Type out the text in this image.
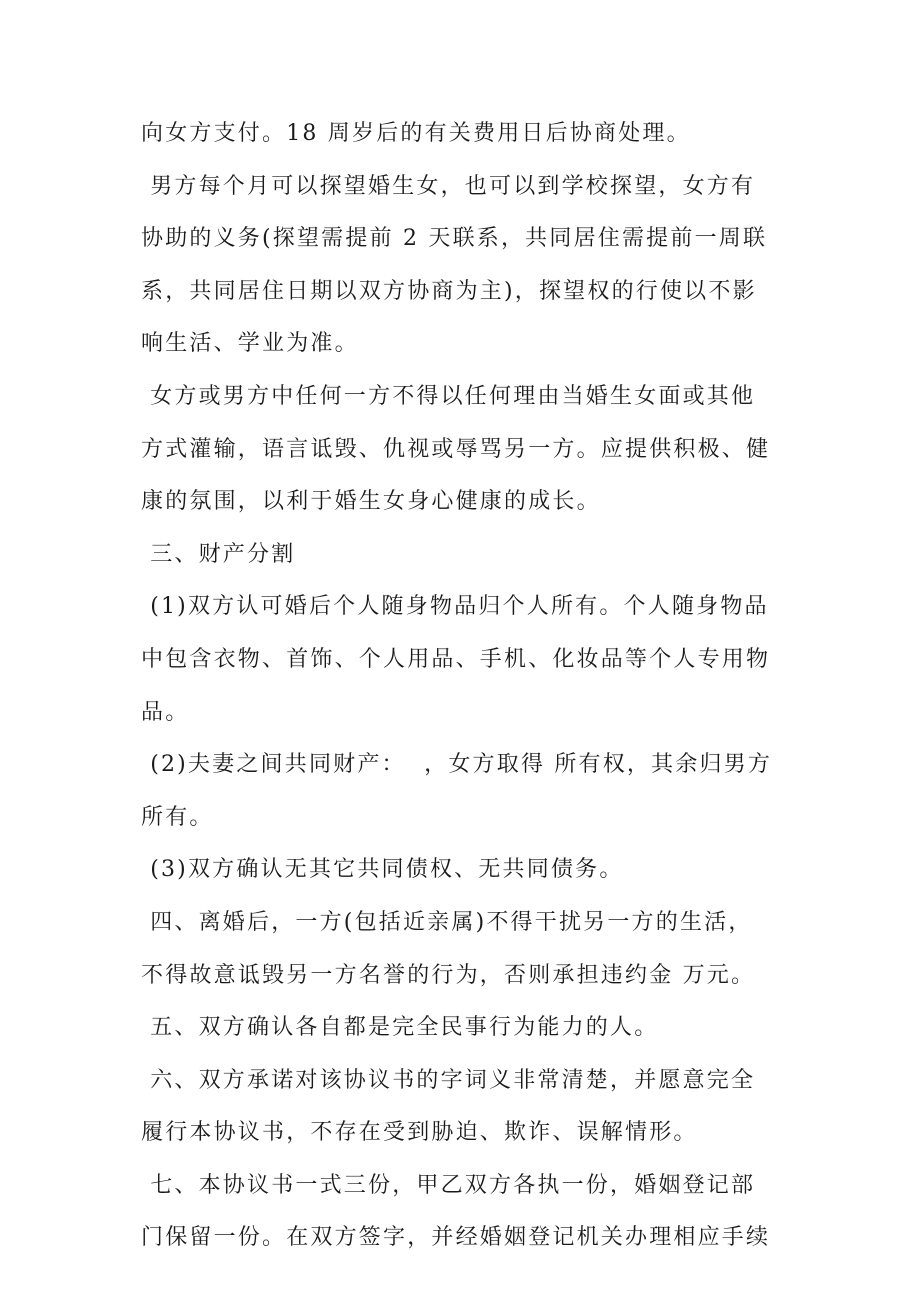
向女方支付。18 周岁后的有关费用日后协商处理。
男方每个月可以探望婚生女，也可以到学校探望，女方有
协助的义务(探望需提前 2 天联系，共同居住需提前一周联
系，共同居住日期以双方协商为主)，探望权的行使以不影
响生活、学业为准。
女方或男方中任何一方不得以任何理由当婚生女面或其他
方式灌输，语言诋毁、仇视或辱骂另一方。应提供积极、健
康的氛围，以利于婚生女身心健康的成长。
三、财产分割
(1)双方认可婚后个人随身物品归个人所有。个人随身物品
中包含衣物、首饰、个人用品、手机、化妆品等个人专用物
品。
(2)夫妻之间共同财产：  ，女方取得 所有权，其余归男方
所有。
(3)双方确认无其它共同债权、无共同债务。
四、离婚后，一方(包括近亲属)不得干扰另一方的生活，
不得故意诋毁另一方名誉的行为，否则承担违约金 万元。
五、双方确认各自都是完全民事行为能力的人。
六、双方承诺对该协议书的字词义非常清楚，并愿意完全
履行本协议书，不存在受到胁迫、欺诈、误解情形。
七、本协议书一式三份，甲乙双方各执一份，婚姻登记部
门保留一份。在双方签字，并经婚姻登记机关办理相应手续
